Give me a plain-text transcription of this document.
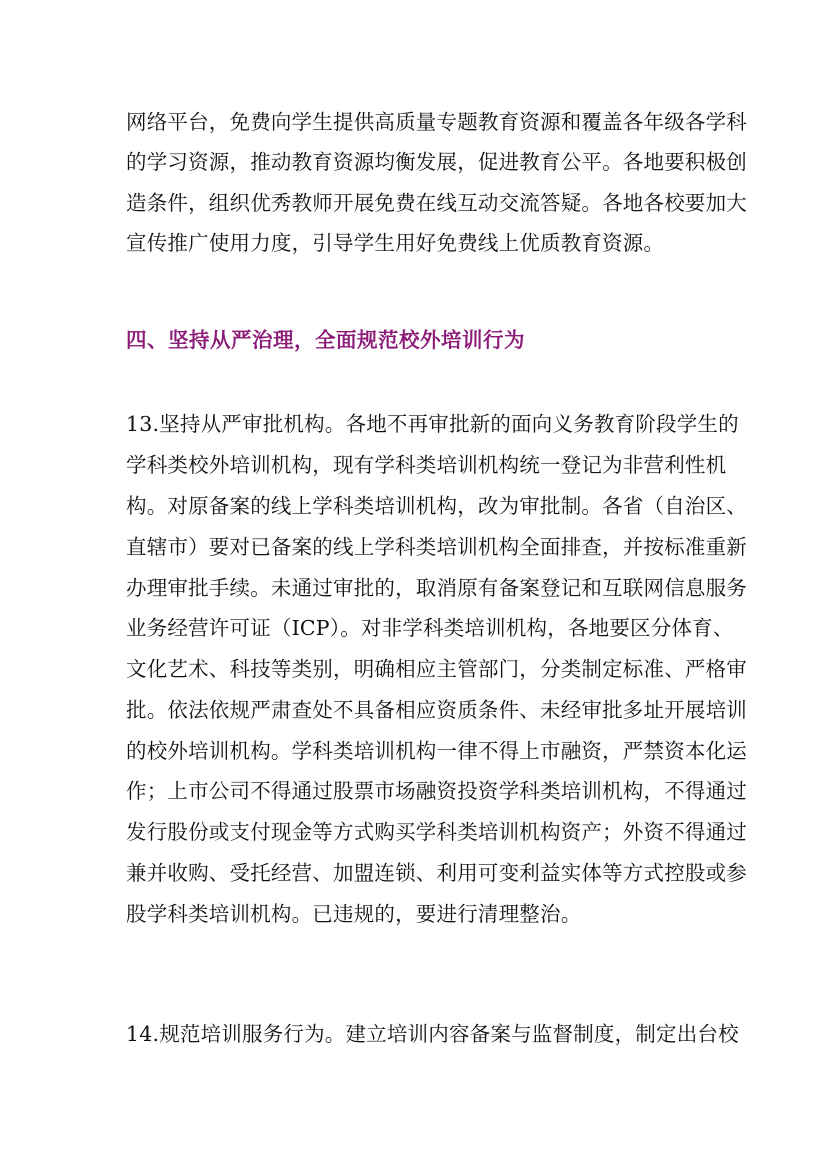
网络平台，免费向学生提供高质量专题教育资源和覆盖各年级各学科
的学习资源，推动教育资源均衡发展，促进教育公平。各地要积极创
造条件，组织优秀教师开展免费在线互动交流答疑。各地各校要加大
宣传推广使用力度，引导学生用好免费线上优质教育资源。
四、坚持从严治理，全面规范校外培训行为
13.坚持从严审批机构。各地不再审批新的面向义务教育阶段学生的
学科类校外培训机构，现有学科类培训机构统一登记为非营利性机
构。对原备案的线上学科类培训机构，改为审批制。各省（自治区、
直辖市）要对已备案的线上学科类培训机构全面排查，并按标准重新
办理审批手续。未通过审批的，取消原有备案登记和互联网信息服务
业务经营许可证（ICP）。对非学科类培训机构，各地要区分体育、
文化艺术、科技等类别，明确相应主管部门，分类制定标准、严格审
批。依法依规严肃查处不具备相应资质条件、未经审批多址开展培训
的校外培训机构。学科类培训机构一律不得上市融资，严禁资本化运
作；上市公司不得通过股票市场融资投资学科类培训机构，不得通过
发行股份或支付现金等方式购买学科类培训机构资产；外资不得通过
兼并收购、受托经营、加盟连锁、利用可变利益实体等方式控股或参
股学科类培训机构。已违规的，要进行清理整治。
14.规范培训服务行为。建立培训内容备案与监督制度，制定出台校
